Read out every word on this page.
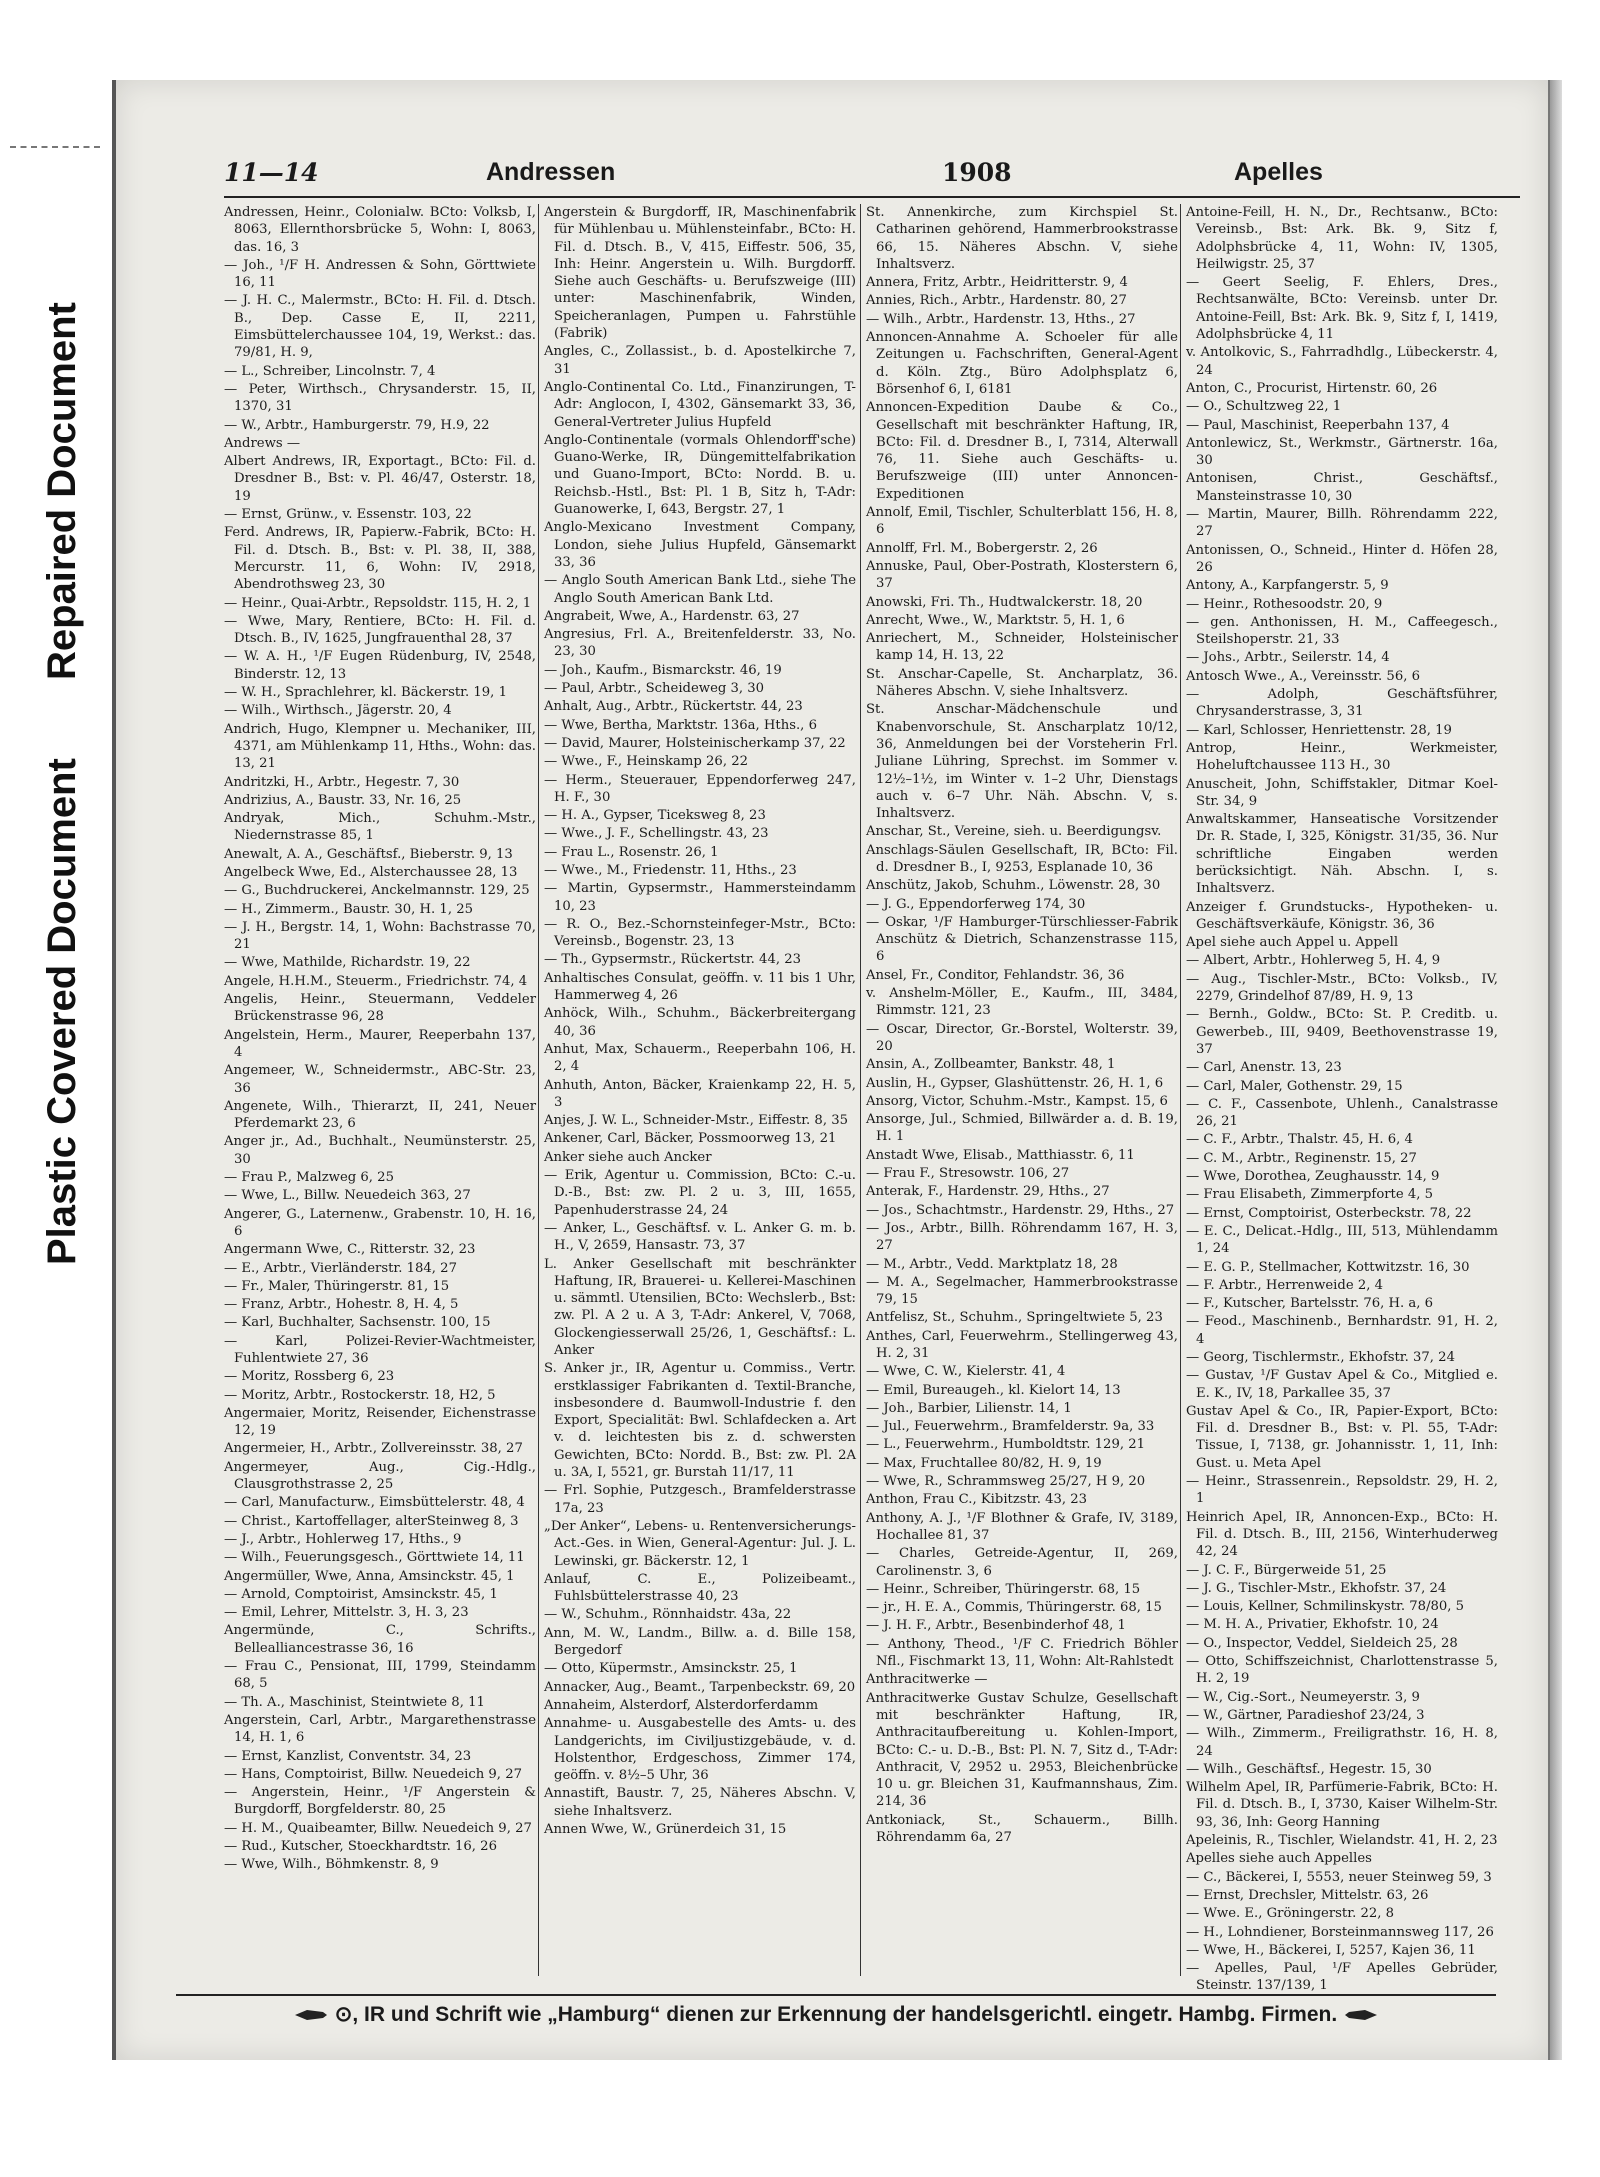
Repaired Document
Plastic Covered Document
11—14	Andressen	1908	Apelles
Andressen, Heinr., Colonialw. BCto: Volksb, I, 8063, Ellernthorsbrücke 5, Wohn: I, 8063, das. 16, 3
— Joh., ¹/F H. Andressen & Sohn, Görttwiete 16, 11
— J. H. C., Malermstr., BCto: H. Fil. d. Dtsch. B., Dep. Casse E, II, 2211, Eimsbüttelerchaussee 104, 19, Werkst.: das. 79/81, H. 9,
— L., Schreiber, Lincolnstr. 7, 4
— Peter, Wirthsch., Chrysanderstr. 15, II, 1370, 31
— W., Arbtr., Hamburgerstr. 79, H.9, 22
Andrews —
Albert Andrews, IR, Exportagt., BCto: Fil. d. Dresdner B., Bst: v. Pl. 46/47, Osterstr. 18, 19
— Ernst, Grünw., v. Essenstr. 103, 22
Ferd. Andrews, IR, Papierw.-Fabrik, BCto: H. Fil. d. Dtsch. B., Bst: v. Pl. 38, II, 388, Mercurstr. 11, 6, Wohn: IV, 2918, Abendrothsweg 23, 30
— Heinr., Quai-Arbtr., Repsoldstr. 115, H. 2, 1
— Wwe, Mary, Rentiere, BCto: H. Fil. d. Dtsch. B., IV, 1625, Jungfrauenthal 28, 37
— W. A. H., ¹/F Eugen Rüdenburg, IV, 2548, Binderstr. 12, 13
— W. H., Sprachlehrer, kl. Bäckerstr. 19, 1
— Wilh., Wirthsch., Jägerstr. 20, 4
Andrich, Hugo, Klempner u. Mechaniker, III, 4371, am Mühlenkamp 11, Hths., Wohn: das. 13, 21
Andritzki, H., Arbtr., Hegestr. 7, 30
Andrizius, A., Baustr. 33, Nr. 16, 25
Andryak, Mich., Schuhm.-Mstr., Niedernstrasse 85, 1
Anewalt, A. A., Geschäftsf., Bieberstr. 9, 13
Angelbeck Wwe, Ed., Alsterchaussee 28, 13
— G., Buchdruckerei, Anckelmannstr. 129, 25
— H., Zimmerm., Baustr. 30, H. 1, 25
— J. H., Bergstr. 14, 1, Wohn: Bachstrasse 70, 21
— Wwe, Mathilde, Richardstr. 19, 22
Angele, H.H.M., Steuerm., Friedrichstr. 74, 4
Angelis, Heinr., Steuermann, Veddeler Brückenstrasse 96, 28
Angelstein, Herm., Maurer, Reeperbahn 137, 4
Angemeer, W., Schneidermstr., ABC-Str. 23, 36
Angenete, Wilh., Thierarzt, II, 241, Neuer Pferdemarkt 23, 6
Anger jr., Ad., Buchhalt., Neumünsterstr. 25, 30
— Frau P., Malzweg 6, 25
— Wwe, L., Billw. Neuedeich 363, 27
Angerer, G., Laternenw., Grabenstr. 10, H. 16, 6
Angermann Wwe, C., Ritterstr. 32, 23
— E., Arbtr., Vierländerstr. 184, 27
— Fr., Maler, Thüringerstr. 81, 15
— Franz, Arbtr., Hohestr. 8, H. 4, 5
— Karl, Buchhalter, Sachsenstr. 100, 15
— Karl, Polizei-Revier-Wachtmeister, Fuhlentwiete 27, 36
— Moritz, Rossberg 6, 23
— Moritz, Arbtr., Rostockerstr. 18, H2, 5
Angermaier, Moritz, Reisender, Eichenstrasse 12, 19
Angermeier, H., Arbtr., Zollvereinsstr. 38, 27
Angermeyer, Aug., Cig.-Hdlg., Clausgrothstrasse 2, 25
— Carl, Manufacturw., Eimsbüttelerstr. 48, 4
— Christ., Kartoffellager, alterSteinweg 8, 3
— J., Arbtr., Hohlerweg 17, Hths., 9
— Wilh., Feuerungsgesch., Görttwiete 14, 11
Angermüller, Wwe, Anna, Amsinckstr. 45, 1
— Arnold, Comptoirist, Amsinckstr. 45, 1
— Emil, Lehrer, Mittelstr. 3, H. 3, 23
Angermünde, C., Schrifts., Bellealliancestrasse 36, 16
— Frau C., Pensionat, III, 1799, Steindamm 68, 5
— Th. A., Maschinist, Steintwiete 8, 11
Angerstein, Carl, Arbtr., Margarethenstrasse 14, H. 1, 6
— Ernst, Kanzlist, Conventstr. 34, 23
— Hans, Comptoirist, Billw. Neuedeich 9, 27
— Angerstein, Heinr., ¹/F Angerstein & Burgdorff, Borgfelderstr. 80, 25
— H. M., Quaibeamter, Billw. Neuedeich 9, 27
— Rud., Kutscher, Stoeckhardtstr. 16, 26
— Wwe, Wilh., Böhmkenstr. 8, 9
Angerstein & Burgdorff, IR, Maschinenfabrik für Mühlenbau u. Mühlensteinfabr., BCto: H. Fil. d. Dtsch. B., V, 415, Eiffestr. 506, 35, Inh: Heinr. Angerstein u. Wilh. Burgdorff. Siehe auch Geschäfts- u. Berufszweige (III) unter: Maschinenfabrik, Winden, Speicheranlagen, Pumpen u. Fahrstühle (Fabrik)
Angles, C., Zollassist., b. d. Apostelkirche 7, 31
Anglo-Continental Co. Ltd., Finanzirungen, T-Adr: Anglocon, I, 4302, Gänsemarkt 33, 36, General-Vertreter Julius Hupfeld
Anglo-Continentale (vormals Ohlendorff'sche) Guano-Werke, IR, Düngemittelfabrikation und Guano-Import, BCto: Nordd. B. u. Reichsb.-Hstl., Bst: Pl. 1 B, Sitz h, T-Adr: Guanowerke, I, 643, Bergstr. 27, 1
Anglo-Mexicano Investment Company, London, siehe Julius Hupfeld, Gänsemarkt 33, 36
— Anglo South American Bank Ltd., siehe The Anglo South American Bank Ltd.
Angrabeit, Wwe, A., Hardenstr. 63, 27
Angresius, Frl. A., Breitenfelderstr. 33, No. 23, 30
— Joh., Kaufm., Bismarckstr. 46, 19
— Paul, Arbtr., Scheideweg 3, 30
Anhalt, Aug., Arbtr., Rückertstr. 44, 23
— Wwe, Bertha, Marktstr. 136a, Hths., 6
— David, Maurer, Holsteinischerkamp 37, 22
— Wwe., F., Heinskamp 26, 22
— Herm., Steuerauer, Eppendorferweg 247, H. F., 30
— H. A., Gypser, Ticeksweg 8, 23
— Wwe., J. F., Schellingstr. 43, 23
— Frau L., Rosenstr. 26, 1
— Wwe., M., Friedenstr. 11, Hths., 23
— Martin, Gypsermstr., Hammersteindamm 10, 23
— R. O., Bez.-Schornsteinfeger-Mstr., BCto: Vereinsb., Bogenstr. 23, 13
— Th., Gypsermstr., Rückertstr. 44, 23
Anhaltisches Consulat, geöffn. v. 11 bis 1 Uhr, Hammerweg 4, 26
Anhöck, Wilh., Schuhm., Bäckerbreitergang 40, 36
Anhut, Max, Schauerm., Reeperbahn 106, H. 2, 4
Anhuth, Anton, Bäcker, Kraienkamp 22, H. 5, 3
Anjes, J. W. L., Schneider-Mstr., Eiffestr. 8, 35
Ankener, Carl, Bäcker, Possmoorweg 13, 21
Anker siehe auch Ancker
— Erik, Agentur u. Commission, BCto: C.-u. D.-B., Bst: zw. Pl. 2 u. 3, III, 1655, Papenhuderstrasse 24, 24
— Anker, L., Geschäftsf. v. L. Anker G. m. b. H., V, 2659, Hansastr. 73, 37
L. Anker Gesellschaft mit beschränkter Haftung, IR, Brauerei- u. Kellerei-Maschinen u. sämmtl. Utensilien, BCto: Wechslerb., Bst: zw. Pl. A 2 u. A 3, T-Adr: Ankerel, V, 7068, Glockengiesserwall 25/26, 1, Geschäftsf.: L. Anker
S. Anker jr., IR, Agentur u. Commiss., Vertr. erstklassiger Fabrikanten d. Textil-Branche, insbesondere d. Baumwoll-Industrie f. den Export, Specialität: Bwl. Schlafdecken a. Art v. d. leichtesten bis z. d. schwersten Gewichten, BCto: Nordd. B., Bst: zw. Pl. 2A u. 3A, I, 5521, gr. Burstah 11/17, 11
— Frl. Sophie, Putzgesch., Bramfelderstrasse 17a, 23
„Der Anker“, Lebens- u. Rentenversicherungs-Act.-Ges. in Wien, General-Agentur: Jul. J. L. Lewinski, gr. Bäckerstr. 12, 1
Anlauf, C. E., Polizeibeamt., Fuhlsbüttelerstrasse 40, 23
— W., Schuhm., Rönnhaidstr. 43a, 22
Ann, M. W., Landm., Billw. a. d. Bille 158, Bergedorf
— Otto, Küpermstr., Amsinckstr. 25, 1
Annacker, Aug., Beamt., Tarpenbeckstr. 69, 20
Annaheim, Alsterdorf, Alsterdorferdamm
Annahme- u. Ausgabestelle des Amts- u. des Landgerichts, im Civiljustizgebäude, v. d. Holstenthor, Erdgeschoss, Zimmer 174, geöffn. v. 8½–5 Uhr, 36
Annastift, Baustr. 7, 25, Näheres Abschn. V, siehe Inhaltsverz.
Annen Wwe, W., Grünerdeich 31, 15
St. Annenkirche, zum Kirchspiel St. Catharinen gehörend, Hammerbrookstrasse 66, 15. Näheres Abschn. V, siehe Inhaltsverz.
Annera, Fritz, Arbtr., Heidritterstr. 9, 4
Annies, Rich., Arbtr., Hardenstr. 80, 27
— Wilh., Arbtr., Hardenstr. 13, Hths., 27
Annoncen-Annahme A. Schoeler für alle Zeitungen u. Fachschriften, General-Agent d. Köln. Ztg., Büro Adolphsplatz 6, Börsenhof 6, I, 6181
Annoncen-Expedition Daube & Co., Gesellschaft mit beschränkter Haftung, IR, BCto: Fil. d. Dresdner B., I, 7314, Alterwall 76, 11. Siehe auch Geschäfts- u. Berufszweige (III) unter Annoncen-Expeditionen
Annolf, Emil, Tischler, Schulterblatt 156, H. 8, 6
Annolff, Frl. M., Bobergerstr. 2, 26
Annuske, Paul, Ober-Postrath, Klosterstern 6, 37
Anowski, Fri. Th., Hudtwalckerstr. 18, 20
Anrecht, Wwe., W., Marktstr. 5, H. 1, 6
Anriechert, M., Schneider, Holsteinischer kamp 14, H. 13, 22
St. Anschar-Capelle, St. Ancharplatz, 36. Näheres Abschn. V, siehe Inhaltsverz.
St. Anschar-Mädchenschule und Knabenvorschule, St. Anscharplatz 10/12, 36, Anmeldungen bei der Vorsteherin Frl. Juliane Lühring, Sprechst. im Sommer v. 12½–1½, im Winter v. 1–2 Uhr, Dienstags auch v. 6–7 Uhr. Näh. Abschn. V, s. Inhaltsverz.
Anschar, St., Vereine, sieh. u. Beerdigungsv.
Anschlags-Säulen Gesellschaft, IR, BCto: Fil. d. Dresdner B., I, 9253, Esplanade 10, 36
Anschütz, Jakob, Schuhm., Löwenstr. 28, 30
— J. G., Eppendorferweg 174, 30
— Oskar, ¹/F Hamburger-Türschliesser-Fabrik Anschütz & Dietrich, Schanzenstrasse 115, 6
Ansel, Fr., Conditor, Fehlandstr. 36, 36
v. Anshelm-Möller, E., Kaufm., III, 3484, Rimmstr. 121, 23
— Oscar, Director, Gr.-Borstel, Wolterstr. 39, 20
Ansin, A., Zollbeamter, Bankstr. 48, 1
Auslin, H., Gypser, Glashüttenstr. 26, H. 1, 6
Ansorg, Victor, Schuhm.-Mstr., Kampst. 15, 6
Ansorge, Jul., Schmied, Billwärder a. d. B. 19, H. 1
Anstadt Wwe, Elisab., Matthiasstr. 6, 11
— Frau F., Stresowstr. 106, 27
Anterak, F., Hardenstr. 29, Hths., 27
— Jos., Schachtmstr., Hardenstr. 29, Hths., 27
— Jos., Arbtr., Billh. Röhrendamm 167, H. 3, 27
— M., Arbtr., Vedd. Marktplatz 18, 28
— M. A., Segelmacher, Hammerbrookstrasse 79, 15
Antfelisz, St., Schuhm., Springeltwiete 5, 23
Anthes, Carl, Feuerwehrm., Stellingerweg 43, H. 2, 31
— Wwe, C. W., Kielerstr. 41, 4
— Emil, Bureaugeh., kl. Kielort 14, 13
— Joh., Barbier, Lilienstr. 14, 1
— Jul., Feuerwehrm., Bramfelderstr. 9a, 33
— L., Feuerwehrm., Humboldtstr. 129, 21
— Max, Fruchtallee 80/82, H. 9, 19
— Wwe, R., Schrammsweg 25/27, H 9, 20
Anthon, Frau C., Kibitzstr. 43, 23
Anthony, A. J., ¹/F Blothner & Grafe, IV, 3189, Hochallee 81, 37
— Charles, Getreide-Agentur, II, 269, Carolinenstr. 3, 6
— Heinr., Schreiber, Thüringerstr. 68, 15
— jr., H. E. A., Commis, Thüringerstr. 68, 15
— J. H. F., Arbtr., Besenbinderhof 48, 1
— Anthony, Theod., ¹/F C. Friedrich Böhler Nfl., Fischmarkt 13, 11, Wohn: Alt-Rahlstedt
Anthracitwerke —
Anthracitwerke Gustav Schulze, Gesellschaft mit beschränkter Haftung, IR, Anthracitaufbereitung u. Kohlen-Import, BCto: C.- u. D.-B., Bst: Pl. N. 7, Sitz d., T-Adr: Anthracit, V, 2952 u. 2953, Bleichenbrücke 10 u. gr. Bleichen 31, Kaufmannshaus, Zim. 214, 36
Antkoniack, St., Schauerm., Billh. Röhrendamm 6a, 27
Antoine-Feill, H. N., Dr., Rechtsanw., BCto: Vereinsb., Bst: Ark. Bk. 9, Sitz f, Adolphsbrücke 4, 11, Wohn: IV, 1305, Heilwigstr. 25, 37
— Geert Seelig, F. Ehlers, Dres., Rechtsanwälte, BCto: Vereinsb. unter Dr. Antoine-Feill, Bst: Ark. Bk. 9, Sitz f, I, 1419, Adolphsbrücke 4, 11
v. Antolkovic, S., Fahrradhdlg., Lübeckerstr. 4, 24
Anton, C., Procurist, Hirtenstr. 60, 26
— O., Schultzweg 22, 1
— Paul, Maschinist, Reeperbahn 137, 4
Antonlewicz, St., Werkmstr., Gärtnerstr. 16a, 30
Antonisen, Christ., Geschäftsf., Mansteinstrasse 10, 30
— Martin, Maurer, Billh. Röhrendamm 222, 27
Antonissen, O., Schneid., Hinter d. Höfen 28, 26
Antony, A., Karpfangerstr. 5, 9
— Heinr., Rothesoodstr. 20, 9
— gen. Anthonissen, H. M., Caffeegesch., Steilshoperstr. 21, 33
— Johs., Arbtr., Seilerstr. 14, 4
Antosch Wwe., A., Vereinsstr. 56, 6
— Adolph, Geschäftsführer, Chrysanderstrasse, 3, 31
— Karl, Schlosser, Henriettenstr. 28, 19
Antrop, Heinr., Werkmeister, Hoheluftchaussee 113 H., 30
Anuscheit, John, Schiffstakler, Ditmar Koel-Str. 34, 9
Anwaltskammer, Hanseatische Vorsitzender Dr. R. Stade, I, 325, Königstr. 31/35, 36. Nur schriftliche Eingaben werden berücksichtigt. Näh. Abschn. I, s. Inhaltsverz.
Anzeiger f. Grundstucks-, Hypotheken- u. Geschäftsverkäufe, Königstr. 36, 36
Apel siehe auch Appel u. Appell
— Albert, Arbtr., Hohlerweg 5, H. 4, 9
— Aug., Tischler-Mstr., BCto: Volksb., IV, 2279, Grindelhof 87/89, H. 9, 13
— Bernh., Goldw., BCto: St. P. Creditb. u. Gewerbeb., III, 9409, Beethovenstrasse 19, 37
— Carl, Anenstr. 13, 23
— Carl, Maler, Gothenstr. 29, 15
— C. F., Cassenbote, Uhlenh., Canalstrasse 26, 21
— C. F., Arbtr., Thalstr. 45, H. 6, 4
— C. M., Arbtr., Reginenstr. 15, 27
— Wwe, Dorothea, Zeughausstr. 14, 9
— Frau Elisabeth, Zimmerpforte 4, 5
— Ernst, Comptoirist, Osterbeckstr. 78, 22
— E. C., Delicat.-Hdlg., III, 513, Mühlendamm 1, 24
— E. G. P., Stellmacher, Kottwitzstr. 16, 30
— F. Arbtr., Herrenweide 2, 4
— F., Kutscher, Bartelsstr. 76, H. a, 6
— Feod., Maschinenb., Bernhardstr. 91, H. 2, 4
— Georg, Tischlermstr., Ekhofstr. 37, 24
— Gustav, ¹/F Gustav Apel & Co., Mitglied e. E. K., IV, 18, Parkallee 35, 37
Gustav Apel & Co., IR, Papier-Export, BCto: Fil. d. Dresdner B., Bst: v. Pl. 55, T-Adr: Tissue, I, 7138, gr. Johannisstr. 1, 11, Inh: Gust. u. Meta Apel
— Heinr., Strassenrein., Repsoldstr. 29, H. 2, 1
Heinrich Apel, IR, Annoncen-Exp., BCto: H. Fil. d. Dtsch. B., III, 2156, Winterhuderweg 42, 24
— J. C. F., Bürgerweide 51, 25
— J. G., Tischler-Mstr., Ekhofstr. 37, 24
— Louis, Kellner, Schmilinskystr. 78/80, 5
— M. H. A., Privatier, Ekhofstr. 10, 24
— O., Inspector, Veddel, Sieldeich 25, 28
— Otto, Schiffszeichnist, Charlottenstrasse 5, H. 2, 19
— W., Cig.-Sort., Neumeyerstr. 3, 9
— W., Gärtner, Paradieshof 23/24, 3
— Wilh., Zimmerm., Freiligrathstr. 16, H. 8, 24
— Wilh., Geschäftsf., Hegestr. 15, 30
Wilhelm Apel, IR, Parfümerie-Fabrik, BCto: H. Fil. d. Dtsch. B., I, 3730, Kaiser Wilhelm-Str. 93, 36, Inh: Georg Hanning
Apeleinis, R., Tischler, Wielandstr. 41, H. 2, 23
Apelles siehe auch Appelles
— C., Bäckerei, I, 5553, neuer Steinweg 59, 3
— Ernst, Drechsler, Mittelstr. 63, 26
— Wwe. E., Gröningerstr. 22, 8
— H., Lohndiener, Borsteinmannsweg 117, 26
— Wwe, H., Bäckerei, I, 5257, Kajen 36, 11
— Apelles, Paul, ¹/F Apelles Gebrüder, Steinstr. 137/139, 1
⊙, IR und Schrift wie „Hamburg“ dienen zur Erkennung der handelsgerichtl. eingetr. Hambg. Firmen.
